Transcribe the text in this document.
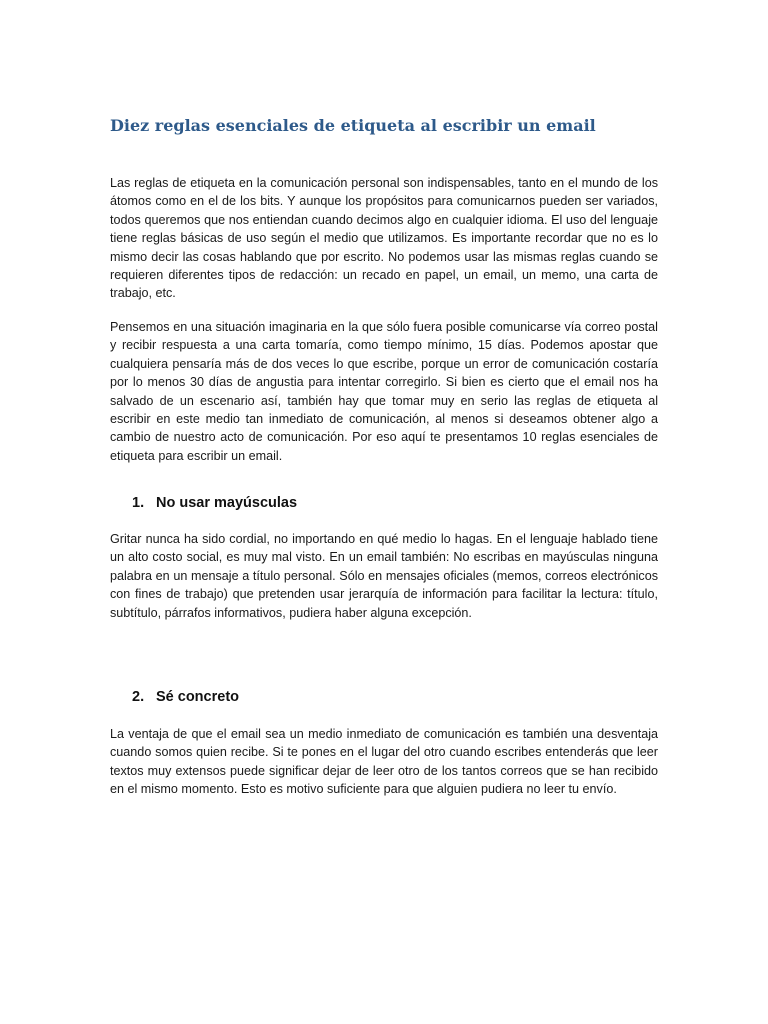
Diez reglas esenciales de etiqueta al escribir un email

Las reglas de etiqueta en la comunicación personal son indispensables, tanto en el mundo de los átomos como en el de los bits. Y aunque los propósitos para comunicarnos pueden ser variados, todos queremos que nos entiendan cuando decimos algo en cualquier idioma. El uso del lenguaje tiene reglas básicas de uso según el medio que utilizamos. Es importante recordar que no es lo mismo decir las cosas hablando que por escrito. No podemos usar las mismas reglas cuando se requieren diferentes tipos de redacción: un recado en papel, un email, un memo, una carta de trabajo, etc.

Pensemos en una situación imaginaria en la que sólo fuera posible comunicarse vía correo postal y recibir respuesta a una carta tomaría, como tiempo mínimo, 15 días. Podemos apostar que cualquiera pensaría más de dos veces lo que escribe, porque un error de comunicación costaría por lo menos 30 días de angustia para intentar corregirlo. Si bien es cierto que el email nos ha salvado de un escenario así, también hay que tomar muy en serio las reglas de etiqueta al escribir en este medio tan inmediato de comunicación, al menos si deseamos obtener algo a cambio de nuestro acto de comunicación. Por eso aquí te presentamos 10 reglas esenciales de etiqueta para escribir un email.

1. No usar mayúsculas

Gritar nunca ha sido cordial, no importando en qué medio lo hagas. En el lenguaje hablado tiene un alto costo social, es muy mal visto. En un email también: No escribas en mayúsculas ninguna palabra en un mensaje a título personal. Sólo en mensajes oficiales (memos, correos electrónicos con fines de trabajo) que pretenden usar jerarquía de información para facilitar la lectura: título, subtítulo, párrafos informativos, pudiera haber alguna excepción.

2. Sé concreto

La ventaja de que el email sea un medio inmediato de comunicación es también una desventaja cuando somos quien recibe. Si te pones en el lugar del otro cuando escribes entenderás que leer textos muy extensos puede significar dejar de leer otro de los tantos correos que se han recibido en el mismo momento. Esto es motivo suficiente para que alguien pudiera no leer tu envío.
